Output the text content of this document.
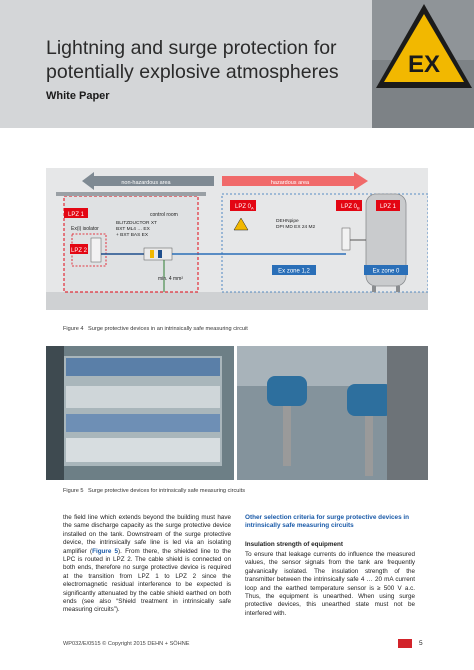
Lightning and surge protection for
potentially explosive atmospheres
White Paper
EX
non-hazardous area	hazardous area
LPZ 1	control room
Ex(i) isolator
LPZ 2
BLITZDUCTOR XT BXT ML4 … EX + BXT BAS EX
min. 4 mm²
LPZ $0_A$
DEHNpipe DPI MD EX 24 M2
LPZ $0_B$	LPZ 1
Ex zone 1,2	Ex zone 0
Figure 4 Surge protective devices in an intrinsically safe measuring circuit
Figure 5 Surge protective devices for intrinsically safe measuring circuits
the field line which extends beyond the building must have the same discharge capacity as the surge protective device installed on the tank. Downstream of the surge protective device, the intrinsically safe line is led via an isolating amplifier (Figure 5). From there, the shielded line to the LPC is routed in LPZ 2. The cable shield is connected on both ends, therefore no surge protective device is required at the transition from LPZ 1 to LPZ 2 since the electromagnetic residual interference to be expected is significantly attenuated by the cable shield earthed on both ends (see also “Shield treatment in intrinsically safe measuring circuits”).
Other selection criteria for surge protective devices in intrinsically safe measuring circuits
Insulation strength of equipment
To ensure that leakage currents do influence the measured values, the sensor signals from the tank are frequently galvanically isolated. The insulation strength of the transmitter between the intrinsically safe 4 … 20 mA current loop and the earthed temperature sensor is ≥ 500 V a.c. Thus, the equipment is unearthed. When using surge protective devices, this unearthed state must not be interfered with.
WP032/E/0515 © Copyright 2015 DEHN + SÖHNE	5
